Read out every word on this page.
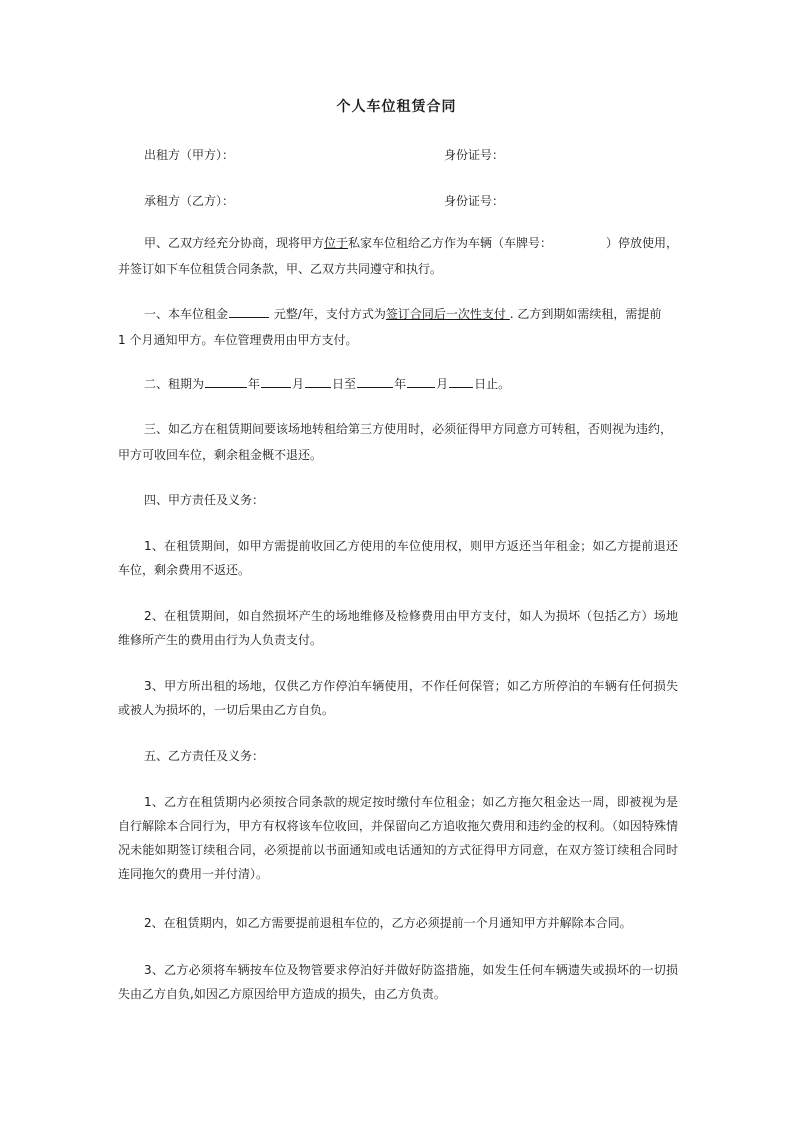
个人车位租赁合同
出租方（甲方）：	身份证号：
承租方（乙方）：	身份证号：
甲、乙双方经充分协商，现将甲方位于私家车位租给乙方作为车辆（车牌号：	）停放使用，
并签订如下车位租赁合同条款，甲、乙双方共同遵守和执行。
一、本车位租金	元整/年，支付方式为签订合同后一次性支付 . 乙方到期如需续租，需提前
1 个月通知甲方。车位管理费用由甲方支付。
二、租期为	年	月 日至	年	月 日止。
三、如乙方在租赁期间要该场地转租给第三方使用时，必须征得甲方同意方可转租，否则视为违约，
甲方可收回车位，剩余租金概不退还。
四、甲方责任及义务：
1、在租赁期间，如甲方需提前收回乙方使用的车位使用权，则甲方返还当年租金；如乙方提前退还车位，剩余费用不返还。
2、在租赁期间，如自然损坏产生的场地维修及检修费用由甲方支付，如人为损坏（包括乙方）场地维修所产生的费用由行为人负责支付。
3、甲方所出租的场地，仅供乙方作停泊车辆使用，不作任何保管；如乙方所停泊的车辆有任何损失或被人为损坏的，一切后果由乙方自负。
五、乙方责任及义务：
1、乙方在租赁期内必须按合同条款的规定按时缴付车位租金；如乙方拖欠租金达一周，即被视为是自行解除本合同行为，甲方有权将该车位收回，并保留向乙方追收拖欠费用和违约金的权利。（如因特殊情况未能如期签订续租合同，必须提前以书面通知或电话通知的方式征得甲方同意，在双方签订续租合同时连同拖欠的费用一并付清）。
2、在租赁期内，如乙方需要提前退租车位的，乙方必须提前一个月通知甲方并解除本合同。
3、乙方必须将车辆按车位及物管要求停泊好并做好防盗措施，如发生任何车辆遗失或损坏的一切损失由乙方自负,如因乙方原因给甲方造成的损失，由乙方负责。
